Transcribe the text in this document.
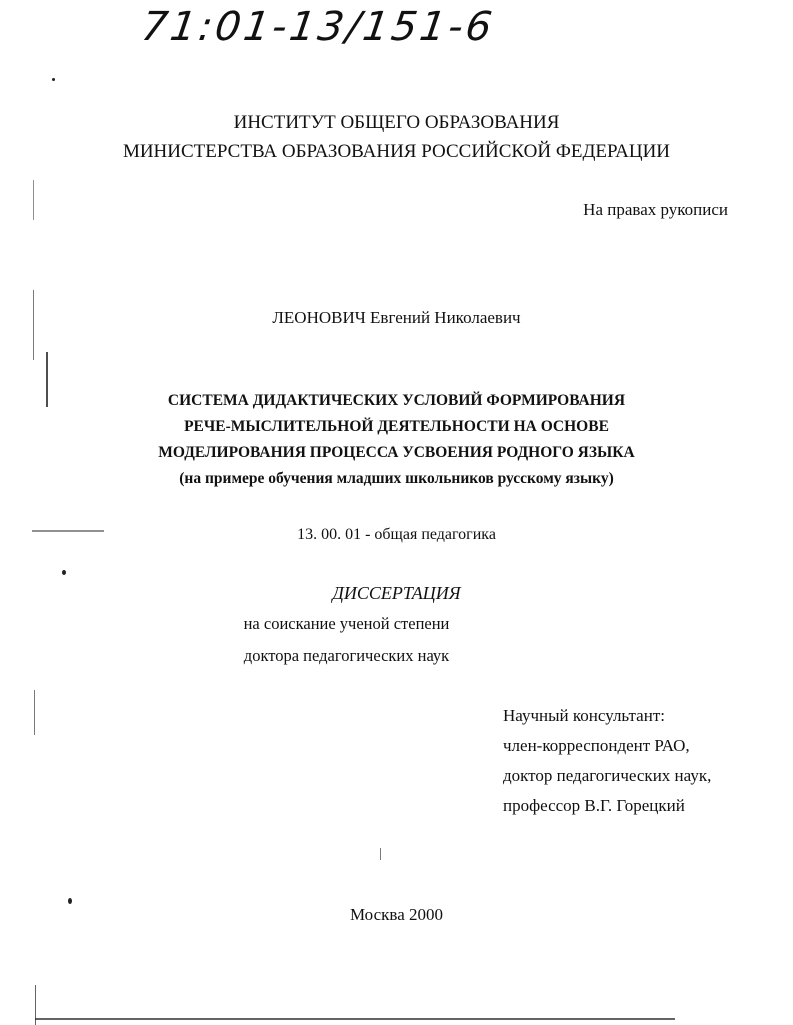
71:01-13/151-6
ИНСТИТУТ ОБЩЕГО ОБРАЗОВАНИЯ
МИНИСТЕРСТВА ОБРАЗОВАНИЯ РОССИЙСКОЙ ФЕДЕРАЦИИ
На правах рукописи
ЛЕОНОВИЧ Евгений Николаевич
СИСТЕМА ДИДАКТИЧЕСКИХ УСЛОВИЙ ФОРМИРОВАНИЯ
РЕЧЕ-МЫСЛИТЕЛЬНОЙ ДЕЯТЕЛЬНОСТИ НА ОСНОВЕ
МОДЕЛИРОВАНИЯ ПРОЦЕССА УСВОЕНИЯ РОДНОГО ЯЗЫКА
(на примере обучения младших школьников русскому языку)
13. 00. 01 - общая педагогика
ДИССЕРТАЦИЯ
на соискание ученой степени
доктора педагогических наук
Научный консультант:
член-корреспондент РАО,
доктор педагогических наук,
профессор В.Г. Горецкий
Москва 2000
